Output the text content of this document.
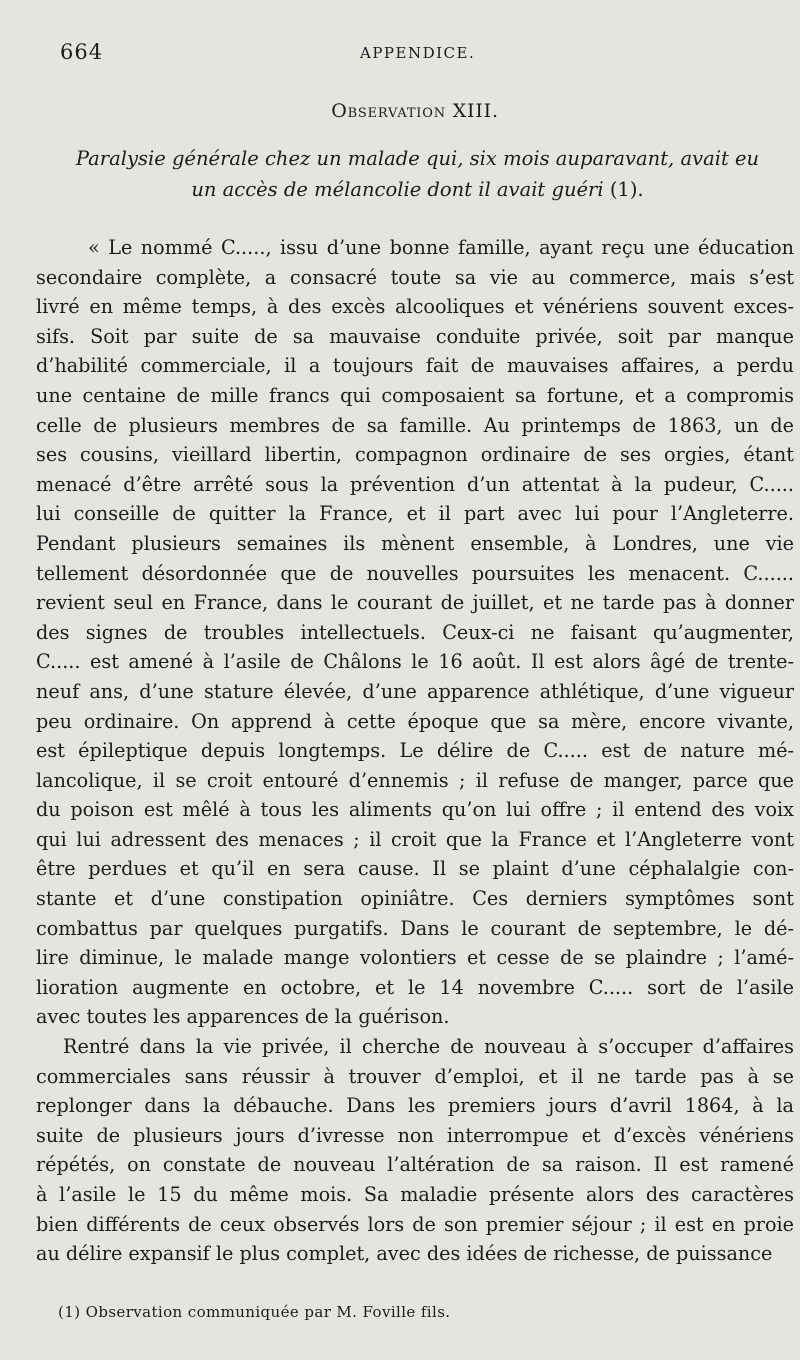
664	APPENDICE.
Observation XIII.
Paralysie générale chez un malade qui, six mois auparavant, avait eu
un accès de mélancolie dont il avait guéri (1).
« Le nommé C....., issu d’une bonne famille, ayant reçu une éducation
secondaire complète, a consacré toute sa vie au commerce, mais s’est
livré en même temps, à des excès alcooliques et vénériens souvent exces-
sifs. Soit par suite de sa mauvaise conduite privée, soit par manque
d’habilité commerciale, il a toujours fait de mauvaises affaires, a perdu
une centaine de mille francs qui composaient sa fortune, et a compromis
celle de plusieurs membres de sa famille. Au printemps de 1863, un de
ses cousins, vieillard libertin, compagnon ordinaire de ses orgies, étant
menacé d’être arrêté sous la prévention d’un attentat à la pudeur, C.....
lui conseille de quitter la France, et il part avec lui pour l’Angleterre.
Pendant plusieurs semaines ils mènent ensemble, à Londres, une vie
tellement désordonnée que de nouvelles poursuites les menacent. C......
revient seul en France, dans le courant de juillet, et ne tarde pas à donner
des signes de troubles intellectuels. Ceux-ci ne faisant qu’augmenter,
C..... est amené à l’asile de Châlons le 16 août. Il est alors âgé de trente-
neuf ans, d’une stature élevée, d’une apparence athlétique, d’une vigueur
peu ordinaire. On apprend à cette époque que sa mère, encore vivante,
est épileptique depuis longtemps. Le délire de C..... est de nature mé-
lancolique, il se croit entouré d’ennemis ; il refuse de manger, parce que
du poison est mêlé à tous les aliments qu’on lui offre ; il entend des voix
qui lui adressent des menaces ; il croit que la France et l’Angleterre vont
être perdues et qu’il en sera cause. Il se plaint d’une céphalalgie con-
stante et d’une constipation opiniâtre. Ces derniers symptômes sont
combattus par quelques purgatifs. Dans le courant de septembre, le dé-
lire diminue, le malade mange volontiers et cesse de se plaindre ; l’amé-
lioration augmente en octobre, et le 14 novembre C..... sort de l’asile
avec toutes les apparences de la guérison.
Rentré dans la vie privée, il cherche de nouveau à s’occuper d’affaires
commerciales sans réussir à trouver d’emploi, et il ne tarde pas à se
replonger dans la débauche. Dans les premiers jours d’avril 1864, à la
suite de plusieurs jours d’ivresse non interrompue et d’excès vénériens
répétés, on constate de nouveau l’altération de sa raison. Il est ramené
à l’asile le 15 du même mois. Sa maladie présente alors des caractères
bien différents de ceux observés lors de son premier séjour ; il est en proie
au délire expansif le plus complet, avec des idées de richesse, de puissance
(1) Observation communiquée par M. Foville fils.
